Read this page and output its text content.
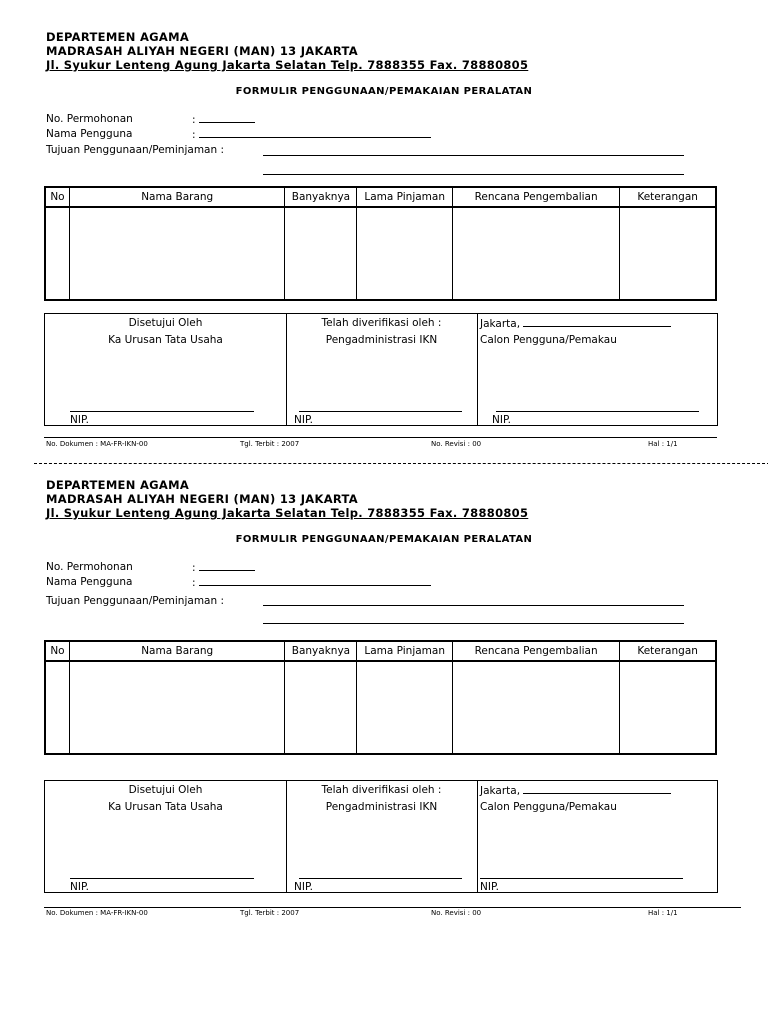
DEPARTEMEN AGAMA
MADRASAH ALIYAH NEGERI (MAN) 13 JAKARTA
Jl. Syukur Lenteng Agung Jakarta Selatan Telp. 7888355 Fax. 78880805
FORMULIR PENGGUNAAN/PEMAKAIAN PERALATAN
No. Permohonan	:
Nama Pengguna	:
Tujuan Penggunaan/Peminjaman :
No	Nama Barang	Banyaknya	Lama Pinjaman	Rencana Pengembalian	Keterangan

Disetujui Oleh
Ka Urusan Tata Usaha
NIP.
Telah diverifikasi oleh :
Pengadministrasi IKN
NIP.
Jakarta,
Calon Pengguna/Pemakau
NIP.
No. Dokumen : MA-FR-IKN-00	Tgl. Terbit : 2007	No. Revisi : 00	Hal : 1/1
DEPARTEMEN AGAMA
MADRASAH ALIYAH NEGERI (MAN) 13 JAKARTA
Jl. Syukur Lenteng Agung Jakarta Selatan Telp. 7888355 Fax. 78880805
FORMULIR PENGGUNAAN/PEMAKAIAN PERALATAN
No. Permohonan	:
Nama Pengguna	:
Tujuan Penggunaan/Peminjaman :
No	Nama Barang	Banyaknya	Lama Pinjaman	Rencana Pengembalian	Keterangan

Disetujui Oleh
Ka Urusan Tata Usaha
NIP.
Telah diverifikasi oleh :
Pengadministrasi IKN
NIP.
Jakarta,
Calon Pengguna/Pemakau
NIP.
No. Dokumen : MA-FR-IKN-00	Tgl. Terbit : 2007	No. Revisi : 00	Hal : 1/1
